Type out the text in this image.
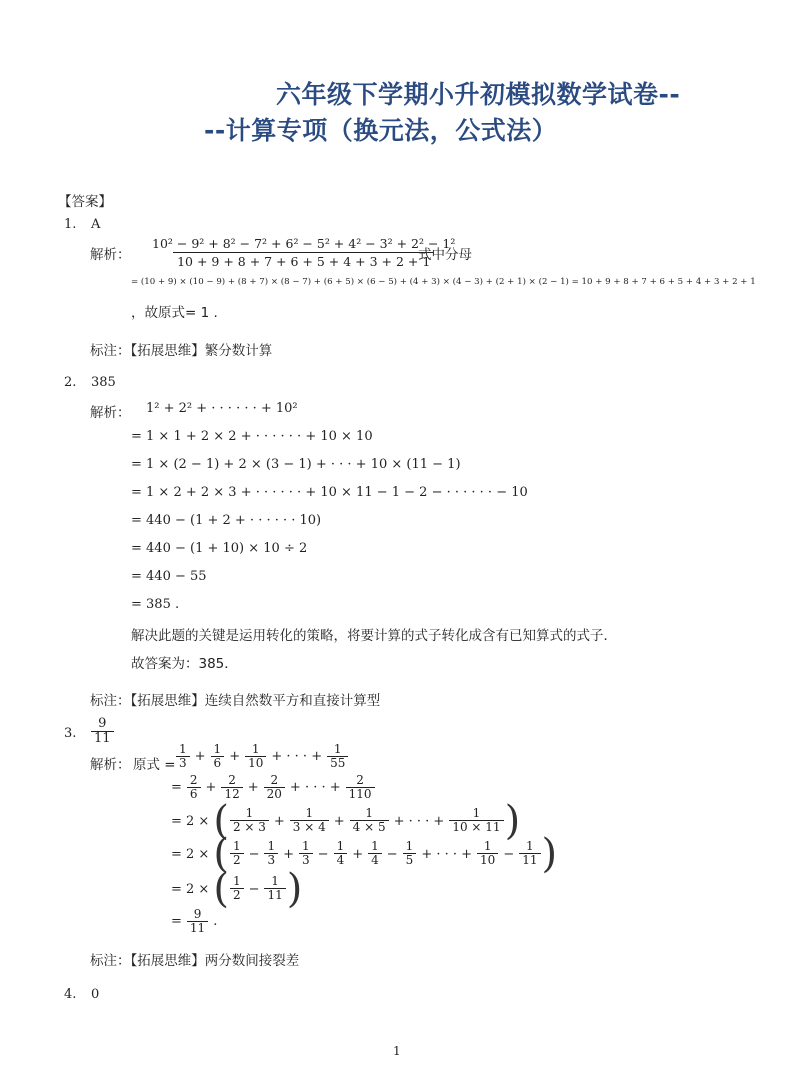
六年级下学期小升初模拟数学试卷--
--计算专项（换元法，公式法）
【答案】
1. A
解析： $\frac{\text{10² − 9² + 8² − 7² + 6² − 5² + 4² − 3² + 2² − 1²}}{10 + 9 + 8 + 7 + 6 + 5 + 4 + 3 + 2 + 1}$
式中分母
= (10 + 9) × (10 − 9) + (8 + 7) × (8 − 7) + (6 + 5) × (6 − 5) + (4 + 3) × (4 − 3) + (2 + 1) × (2 − 1) = 10 + 9 + 8 + 7 + 6 + 5 + 4 + 3 + 2 + 1
，故原式= 1 .
标注：【拓展思维】繁分数计算
2. 385
解析： 1² + 2² + · · · · · · + 10²
= 1 × 1 + 2 × 2 + · · · · · · + 10 × 10
= 1 × (2 − 1) + 2 × (3 − 1) + · · · + 10 × (11 − 1)
= 1 × 2 + 2 × 3 + · · · · · · + 10 × 11 − 1 − 2 − · · · · · · − 10
= 440 − (1 + 2 + · · · · · · 10)
= 440 − (1 + 10) × 10 ÷ 2
= 440 − 55
= 385 .
解决此题的关键是运用转化的策略，将要计算的式子转化成含有已知算式的式子．
故答案为：385．
标注：【拓展思维】连续自然数平方和直接计算型
3. $\frac{9}{11}$
解析： 原式 = $\frac{1}{3} + \frac{1}{6} + \frac{1}{10}$ + · · · + $\frac{1}{55}$
= $\frac{2}{6} + \frac{2}{12} + \frac{2}{20}$ + · · · + $\frac{2}{110}$
= 2 × ( $\frac{1}{2 \times 3} + \frac{1}{3 \times 4} + \frac{1}{4 \times 5}$ + · · · + $\frac{1}{10 \times 11}$ )
= 2 × ( $\frac{1}{2} - \frac{1}{3} + \frac{1}{3} - \frac{1}{4} + \frac{1}{4} - \frac{1}{5}$ + · · · + $\frac{1}{10} - \frac{1}{11}$ )
= 2 × ( $\frac{1}{2} - \frac{1}{11}$ )
= $\frac{9}{11}$ .
标注：【拓展思维】两分数间接裂差
4. 0
1
